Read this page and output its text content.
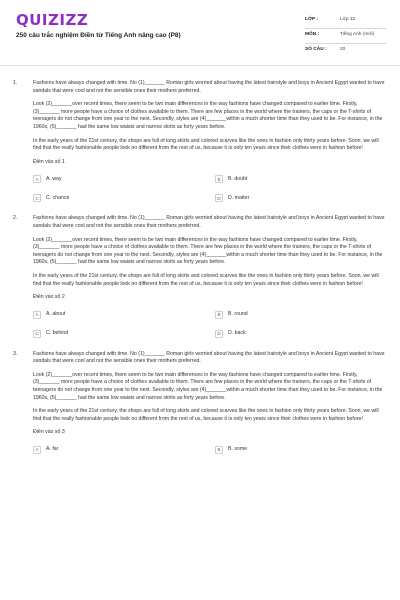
QUIZIZZ
250 câu trắc nghiệm Điền từ Tiếng Anh nâng cao (P8)
LỚP :	Lớp 12
MÔN :	Tiếng Anh (mới)
SỐ CÂU :	20
1.	Fashions have always changed with time. No (1)_______ Roman girls worried about having the latest hairstyle and boys in Ancient Egypt wanted to have sandals that were cool and not the sensible ones their mothers preferred.

Look (2)_______over recent times, there seem to be two main differences in the way fashions have changed compared to earlier time. Firstly, (3)_______ more people have a choice of clothes available to them. There are few places in the world where the trainers, the caps or the T-shirts of teenagers do not change from one year to the next. Secondly, styles are (4)_______within a much shorter time than they used to be. For instance, in the 1960s, (5)_______ had the same low waists and narrow skirts as forty years before.

In the early years of the 21st century, the shops are full of long skirts and colored scarves like the ones in fashion only thirty years before. Soon, we will find that the really fashionable people look no different from the rest of us, because it is only ten years since their clothes were in fashion before!

Điền vào số 1

A	A. way	B	B. doubt
C	C. chance	D	D. matter
2.	Fashions have always changed with time. No (1)_______ Roman girls worried about having the latest hairstyle and boys in Ancient Egypt wanted to have sandals that were cool and not the sensible ones their mothers preferred.

Look (2)_______over recent times, there seem to be two main differences in the way fashions have changed compared to earlier time. Firstly, (3)_______ more people have a choice of clothes available to them. There are few places in the world where the trainers, the caps or the T-shirts of teenagers do not change from one year to the next. Secondly, styles are (4)_______within a much shorter time than they used to be. For instance, in the 1960s, (5)_______ had the same low waists and narrow skirts as forty years before.

In the early years of the 21st century, the shops are full of long skirts and colored scarves like the ones in fashion only thirty years before. Soon, we will find that the really fashionable people look no different from the rest of us, because it is only ten years since their clothes were in fashion before!

Điền vào số 2

A	A. about	B	B. round
C	C. behind	D	D. back
3.	Fashions have always changed with time. No (1)_______ Roman girls worried about having the latest hairstyle and boys in Ancient Egypt wanted to have sandals that were cool and not the sensible ones their mothers preferred.

Look (2)_______over recent times, there seem to be two main differences in the way fashions have changed compared to earlier time. Firstly, (3)_______ more people have a choice of clothes available to them. There are few places in the world where the trainers, the caps or the T-shirts of teenagers do not change from one year to the next. Secondly, styles are (4)_______within a much shorter time than they used to be. For instance, in the 1960s, (5)_______ had the same low waists and narrow skirts as forty years before.

In the early years of the 21st century, the shops are full of long skirts and colored scarves like the ones in fashion only thirty years before. Soon, we will find that the really fashionable people look no different from the rest of us, because it is only ten years since their clothes were in fashion before!

Điền vào số 3

A	A. far	B	B. some
